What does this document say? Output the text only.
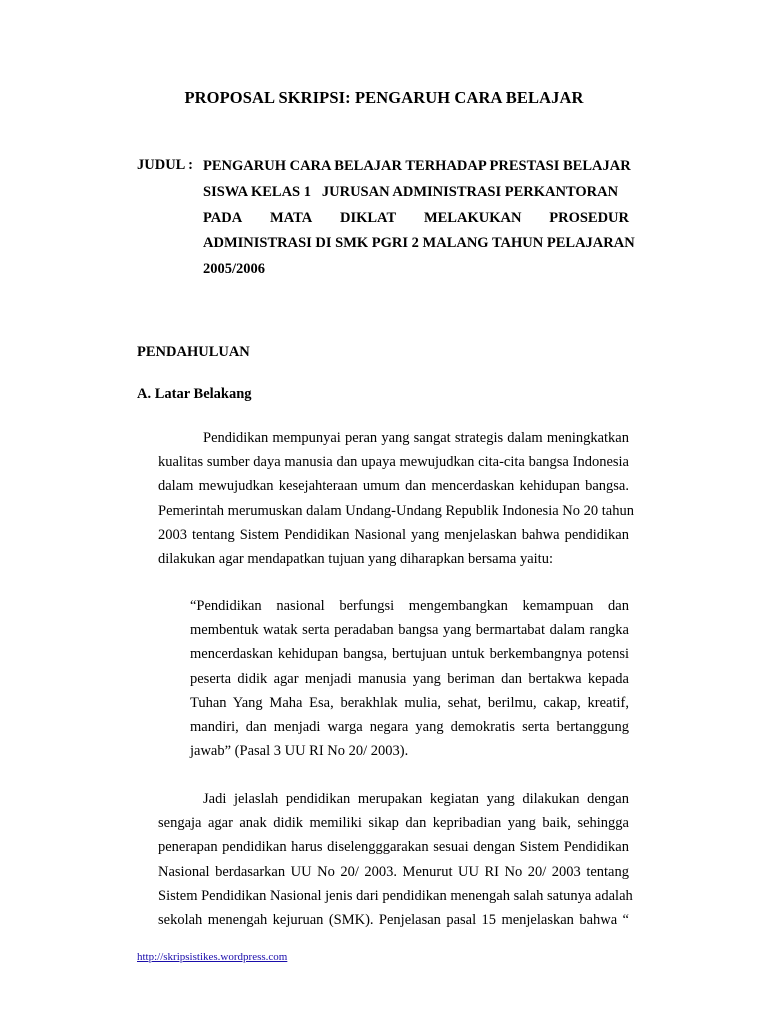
PROPOSAL SKRIPSI: PENGARUH CARA BELAJAR
JUDUL : PENGARUH CARA BELAJAR TERHADAP PRESTASI BELAJAR
SISWA KELAS 1 JURUSAN ADMINISTRASI PERKANTORAN
PADA MATA DIKLAT MELAKUKAN PROSEDUR
ADMINISTRASI DI SMK PGRI 2 MALANG TAHUN PELAJARAN
2005/2006
PENDAHULUAN
A. Latar Belakang
Pendidikan mempunyai peran yang sangat strategis dalam meningkatkan
kualitas sumber daya manusia dan upaya mewujudkan cita-cita bangsa Indonesia
dalam mewujudkan kesejahteraan umum dan mencerdaskan kehidupan bangsa.
Pemerintah merumuskan dalam Undang-Undang Republik Indonesia No 20 tahun
2003 tentang Sistem Pendidikan Nasional yang menjelaskan bahwa pendidikan
dilakukan agar mendapatkan tujuan yang diharapkan bersama yaitu:
“Pendidikan nasional berfungsi mengembangkan kemampuan dan
membentuk watak serta peradaban bangsa yang bermartabat dalam rangka
mencerdaskan kehidupan bangsa, bertujuan untuk berkembangnya potensi
peserta didik agar menjadi manusia yang beriman dan bertakwa kepada
Tuhan Yang Maha Esa, berakhlak mulia, sehat, berilmu, cakap, kreatif,
mandiri, dan menjadi warga negara yang demokratis serta bertanggung
jawab” (Pasal 3 UU RI No 20/ 2003).
Jadi jelaslah pendidikan merupakan kegiatan yang dilakukan dengan
sengaja agar anak didik memiliki sikap dan kepribadian yang baik, sehingga
penerapan pendidikan harus diselengggarakan sesuai dengan Sistem Pendidikan
Nasional berdasarkan UU No 20/ 2003. Menurut UU RI No 20/ 2003 tentang
Sistem Pendidikan Nasional jenis dari pendidikan menengah salah satunya adalah
sekolah menengah kejuruan (SMK). Penjelasan pasal 15 menjelaskan bahwa “
http://skripsistikes.wordpress.com
